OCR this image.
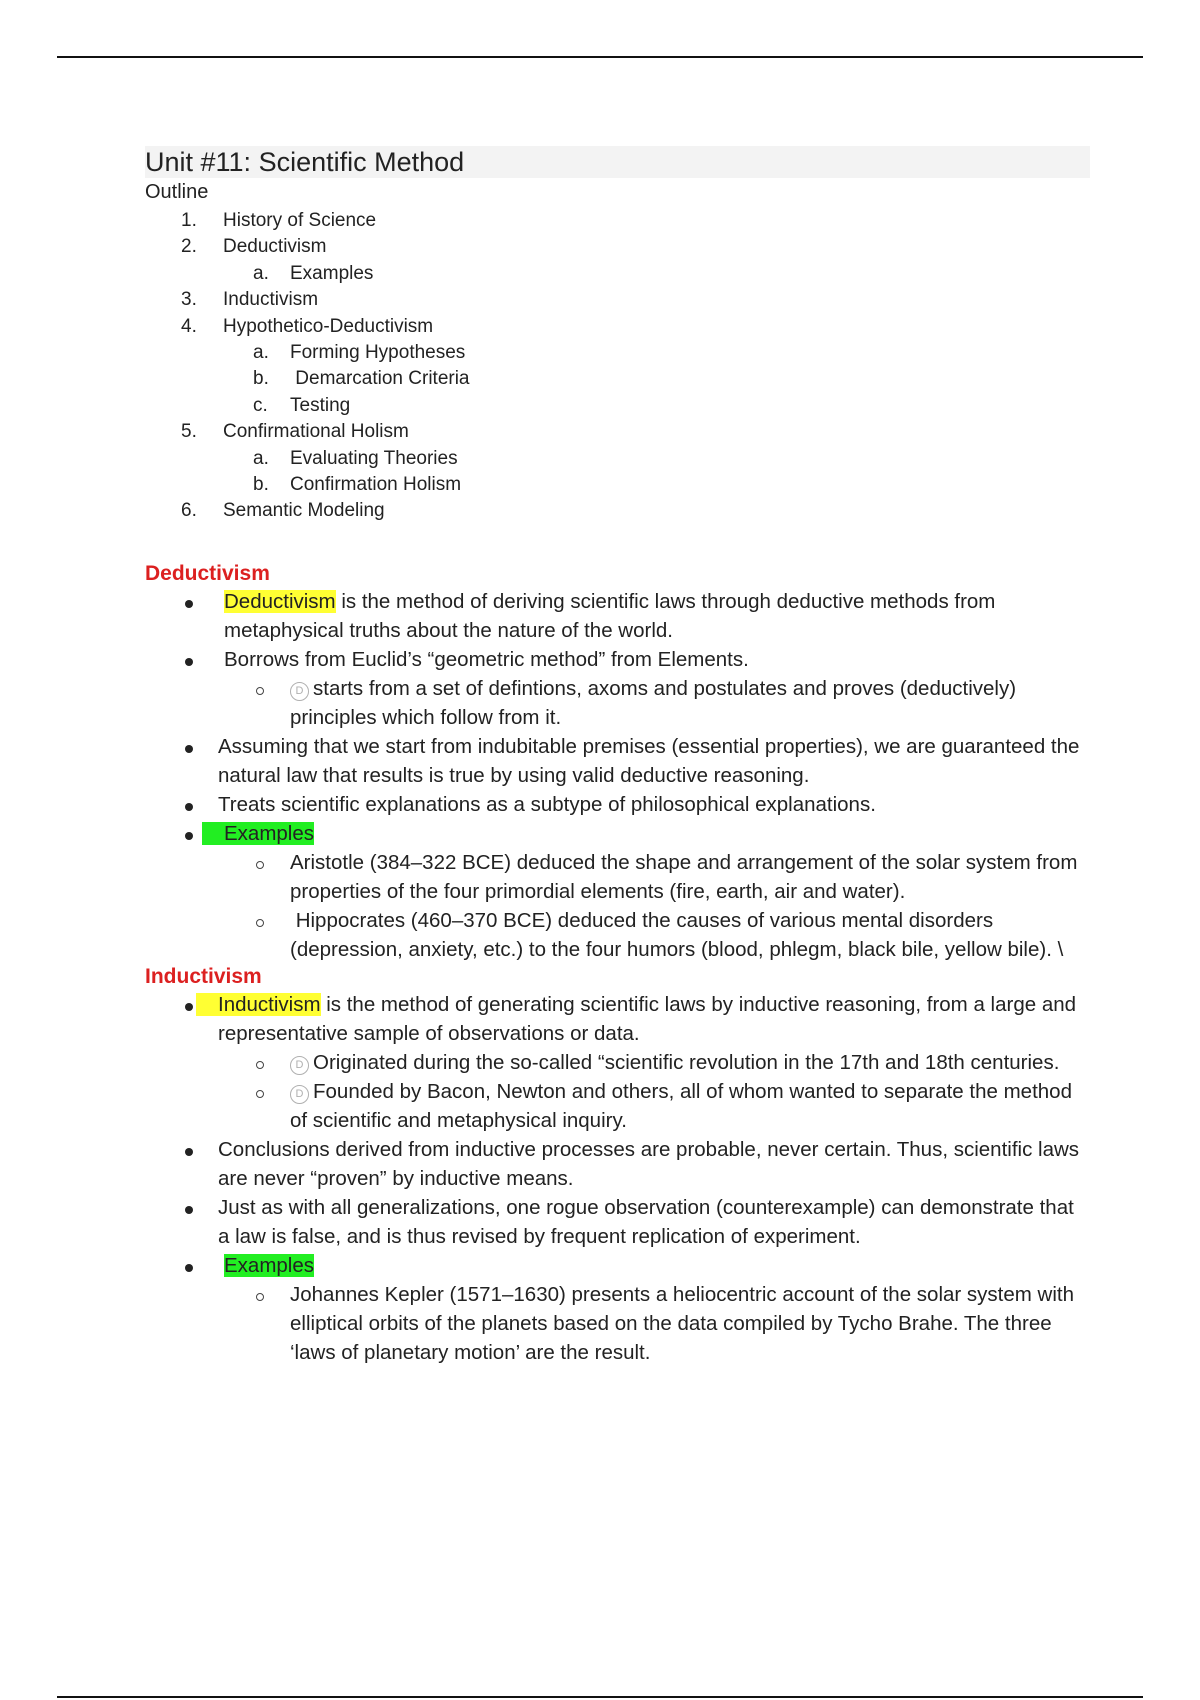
Unit #11: Scientific Method
Outline
1. History of Science

2. Deductivism

a. Examples

3. Inductivism

4. Hypothetico-Deductivism

a. Forming Hypotheses

b. Demarcation Criteria

c. Testing

5. Confirmational Holism

a. Evaluating Theories

b. Confirmation Holism

6. Semantic Modeling

Deductivism
Deductivism is the method of deriving scientific laws through deductive methods from metaphysical truths about the nature of the world.
Borrows from Euclid’s “geometric method” from Elements.
D starts from a set of defintions, axoms and postulates and proves (deductively) principles which follow from it.
Assuming that we start from indubitable premises (essential properties), we are guaranteed the natural law that results is true by using valid deductive reasoning.
Treats scientific explanations as a subtype of philosophical explanations.
Examples
Aristotle (384–322 BCE) deduced the shape and arrangement of the solar system from properties of the four primordial elements (fire, earth, air and water).
Hippocrates (460–370 BCE) deduced the causes of various mental disorders (depression, anxiety, etc.) to the four humors (blood, phlegm, black bile, yellow bile). \
Inductivism
Inductivism is the method of generating scientific laws by inductive reasoning, from a large and representative sample of observations or data.
D Originated during the so-called “scientific revolution in the 17th and 18th centuries.
D Founded by Bacon, Newton and others, all of whom wanted to separate the method of scientific and metaphysical inquiry.
Conclusions derived from inductive processes are probable, never certain. Thus, scientific laws are never “proven” by inductive means.
Just as with all generalizations, one rogue observation (counterexample) can demonstrate that a law is false, and is thus revised by frequent replication of experiment.
Examples
Johannes Kepler (1571–1630) presents a heliocentric account of the solar system with elliptical orbits of the planets based on the data compiled by Tycho Brahe. The three ‘laws of planetary motion’ are the result.
